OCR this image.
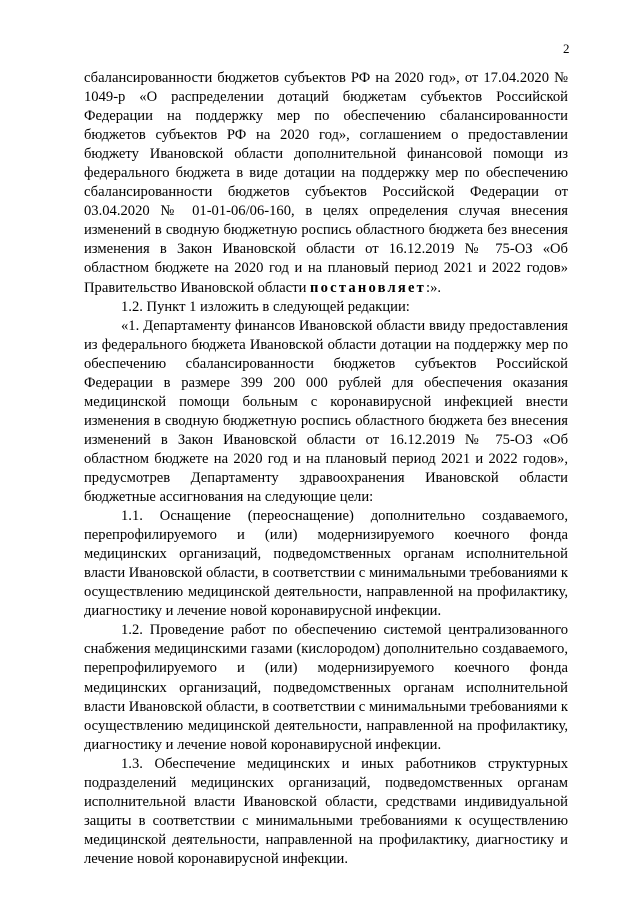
2

сбалансированности бюджетов субъектов РФ на 2020 год», от 17.04.2020 № 1049-р «О распределении дотаций бюджетам субъектов Российской Федерации на поддержку мер по обеспечению сбалансированности бюджетов субъектов РФ на 2020 год», соглашением о предоставлении бюджету Ивановской области дополнительной финансовой помощи из федерального бюджета в виде дотации на поддержку мер по обеспечению сбалансированности бюджетов субъектов Российской Федерации от 03.04.2020 № 01-01-06/06-160, в целях определения случая внесения изменений в сводную бюджетную роспись областного бюджета без внесения изменения в Закон Ивановской области от 16.12.2019 № 75-ОЗ «Об областном бюджете на 2020 год и на плановый период 2021 и 2022 годов» Правительство Ивановской области постановляет:».

1.2. Пункт 1 изложить в следующей редакции:

«1. Департаменту финансов Ивановской области ввиду предоставления из федерального бюджета Ивановской области дотации на поддержку мер по обеспечению сбалансированности бюджетов субъектов Российской Федерации в размере 399 200 000 рублей для обеспечения оказания медицинской помощи больным с коронавирусной инфекцией внести изменения в сводную бюджетную роспись областного бюджета без внесения изменений в Закон Ивановской области от 16.12.2019 № 75-ОЗ «Об областном бюджете на 2020 год и на плановый период 2021 и 2022 годов», предусмотрев Департаменту здравоохранения Ивановской области бюджетные ассигнования на следующие цели:

1.1. Оснащение (переоснащение) дополнительно создаваемого, перепрофилируемого и (или) модернизируемого коечного фонда медицинских организаций, подведомственных органам исполнительной власти Ивановской области, в соответствии с минимальными требованиями к осуществлению медицинской деятельности, направленной на профилактику, диагностику и лечение новой коронавирусной инфекции.

1.2. Проведение работ по обеспечению системой централизованного снабжения медицинскими газами (кислородом) дополнительно создаваемого, перепрофилируемого и (или) модернизируемого коечного фонда медицинских организаций, подведомственных органам исполнительной власти Ивановской области, в соответствии с минимальными требованиями к осуществлению медицинской деятельности, направленной на профилактику, диагностику и лечение новой коронавирусной инфекции.

1.3. Обеспечение медицинских и иных работников структурных подразделений медицинских организаций, подведомственных органам исполнительной власти Ивановской области, средствами индивидуальной защиты в соответствии с минимальными требованиями к осуществлению медицинской деятельности, направленной на профилактику, диагностику и лечение новой коронавирусной инфекции.
